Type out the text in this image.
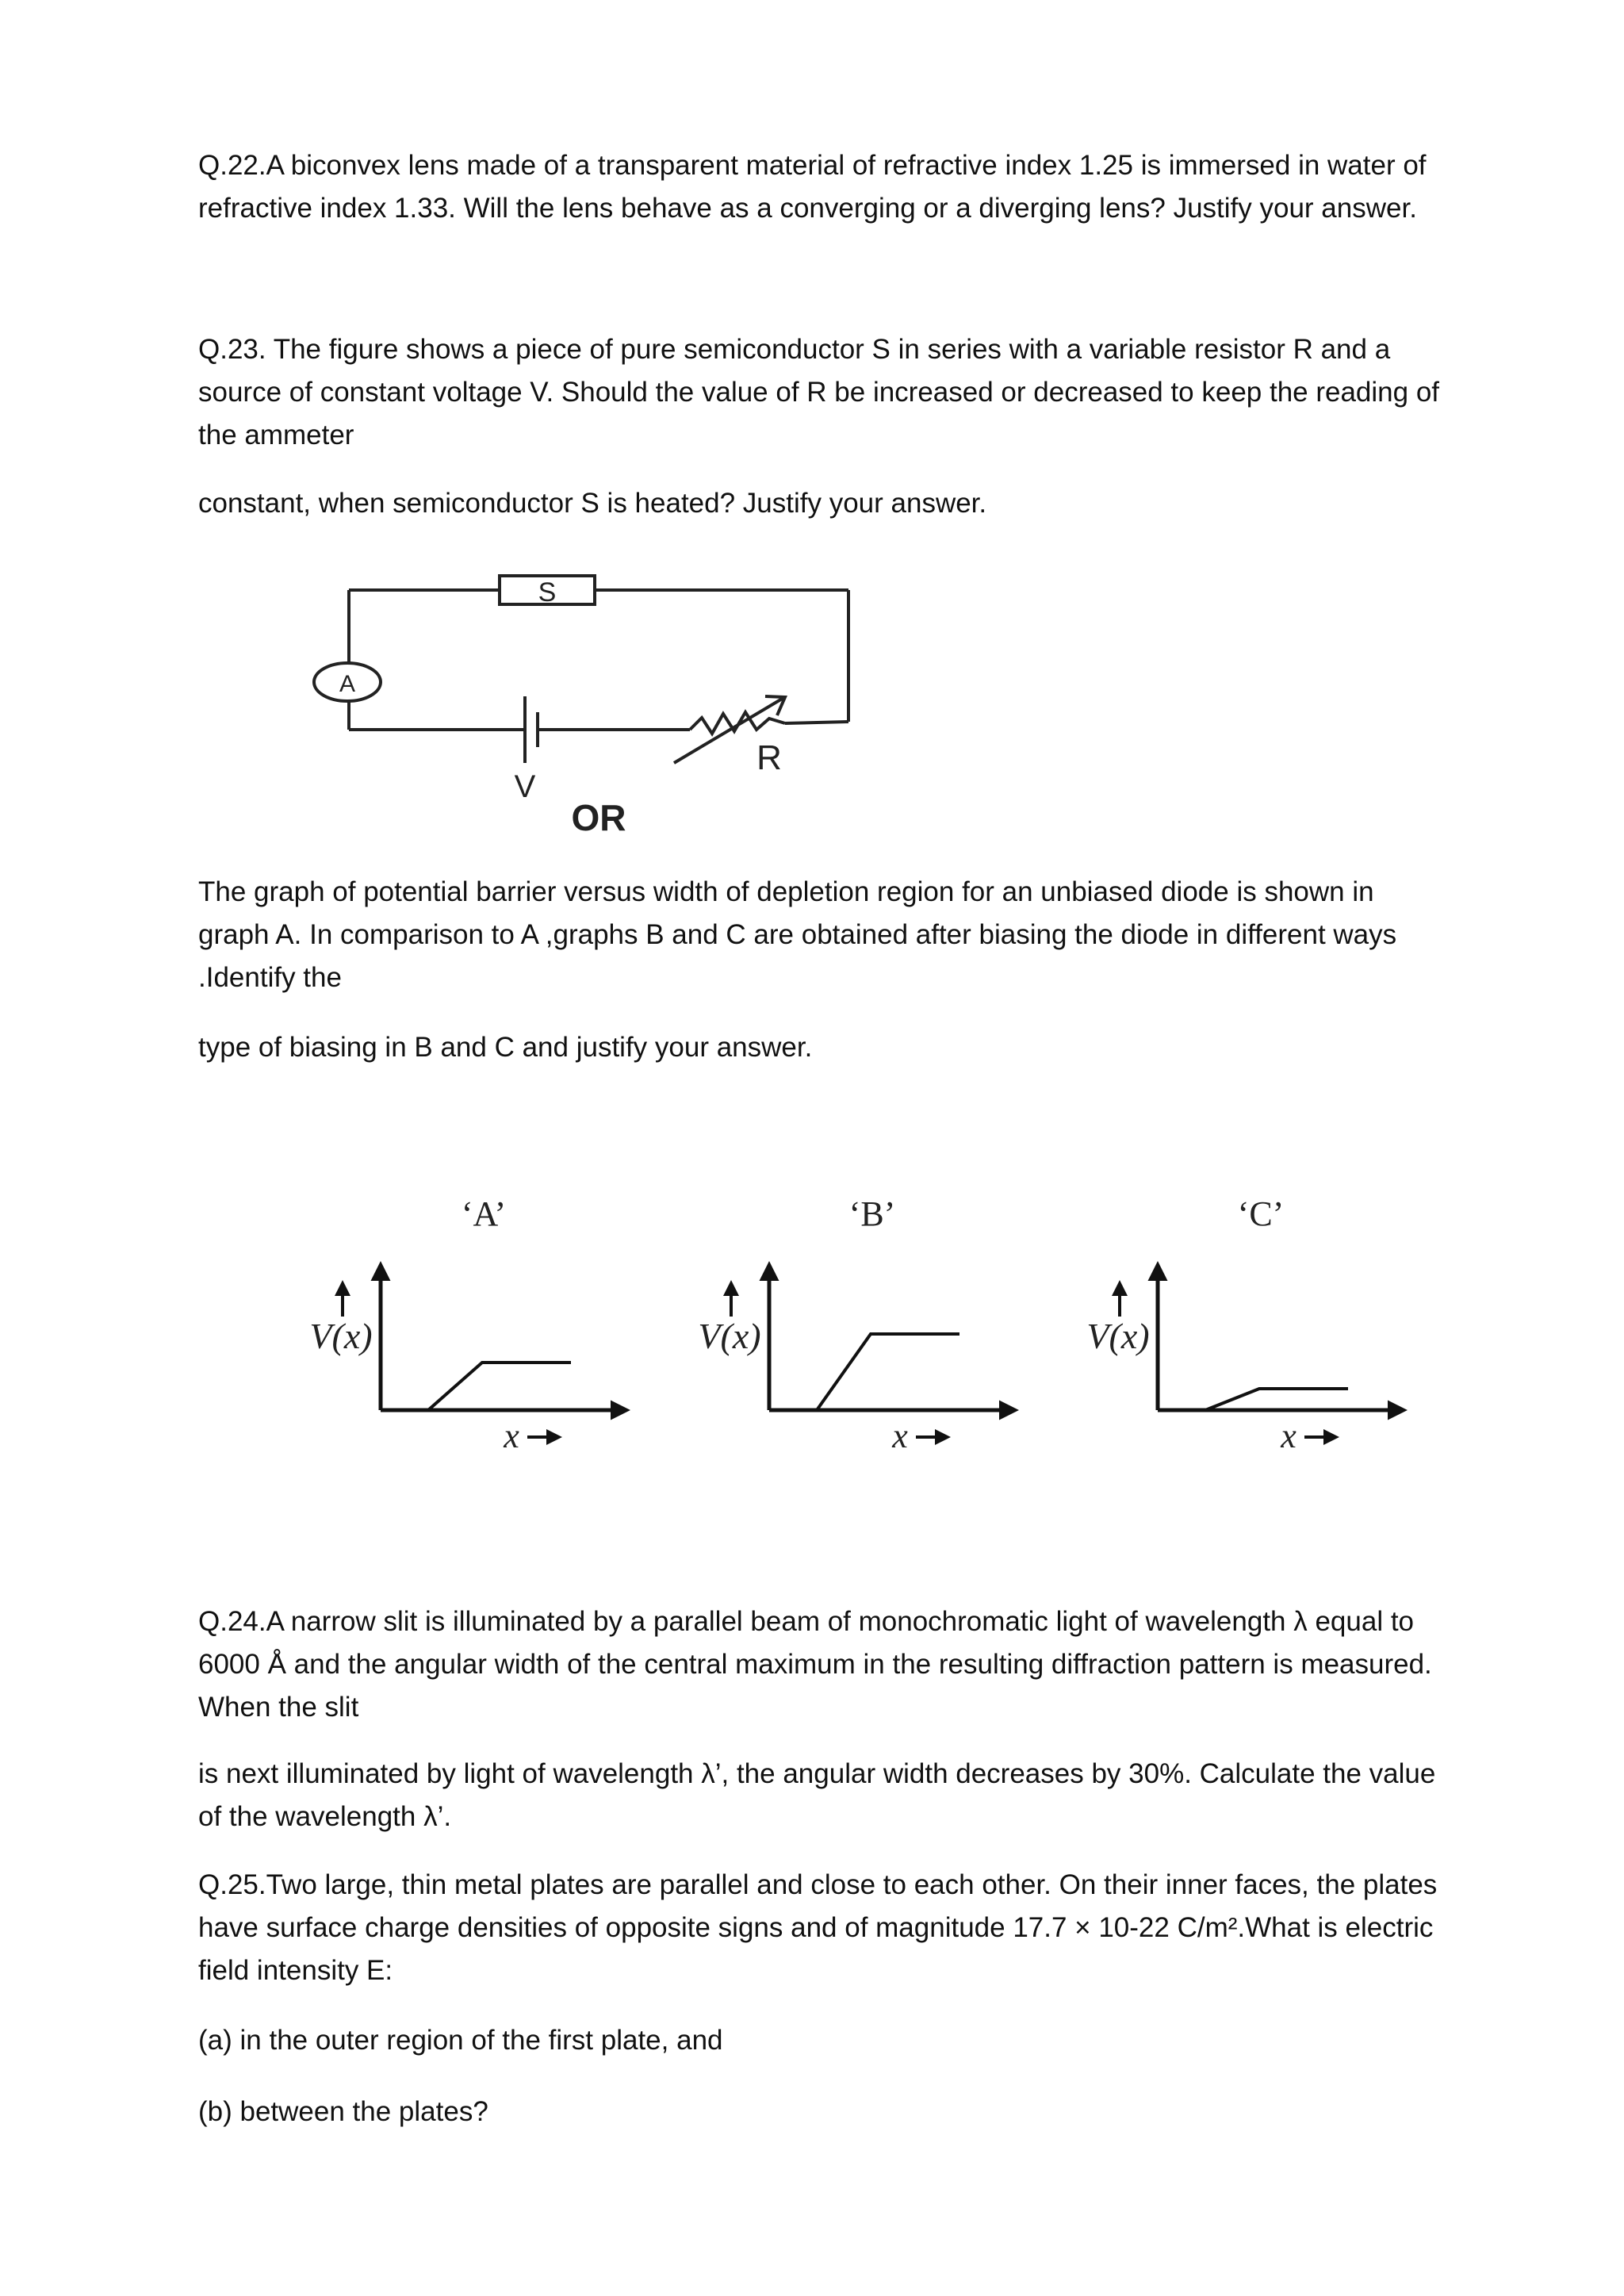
Q.22.A biconvex lens made of a transparent material of refractive index 1.25 is immersed in water of refractive index 1.33. Will the lens behave as a converging or a diverging lens? Justify your answer.

Q.23. The figure shows a piece of pure semiconductor S in series with a variable resistor R and a source of constant voltage V. Should the value of R be increased or decreased to keep the reading of the ammeter

constant, when semiconductor S is heated? Justify your answer.

S
A
R
V
OR

The graph of potential barrier versus width of depletion region for an unbiased diode is shown in graph A. In comparison to A ,graphs B and C are obtained after biasing the diode in different ways .Identify the

type of biasing in B and C and justify your answer.

‘A’
V(x)
x
‘B’
V(x)
x
‘C’
V(x)
x

Q.24.A narrow slit is illuminated by a parallel beam of monochromatic light of wavelength λ equal to 6000 Å and the angular width of the central maximum in the resulting diffraction pattern is measured. When the slit

is next illuminated by light of wavelength λ’, the angular width decreases by 30%. Calculate the value of the wavelength λ’.

Q.25.Two large, thin metal plates are parallel and close to each other. On their inner faces, the plates have surface charge densities of opposite signs and of magnitude 17.7 × 10-22 C/m².What is electric field intensity E:

(a) in the outer region of the first plate, and

(b) between the plates?
